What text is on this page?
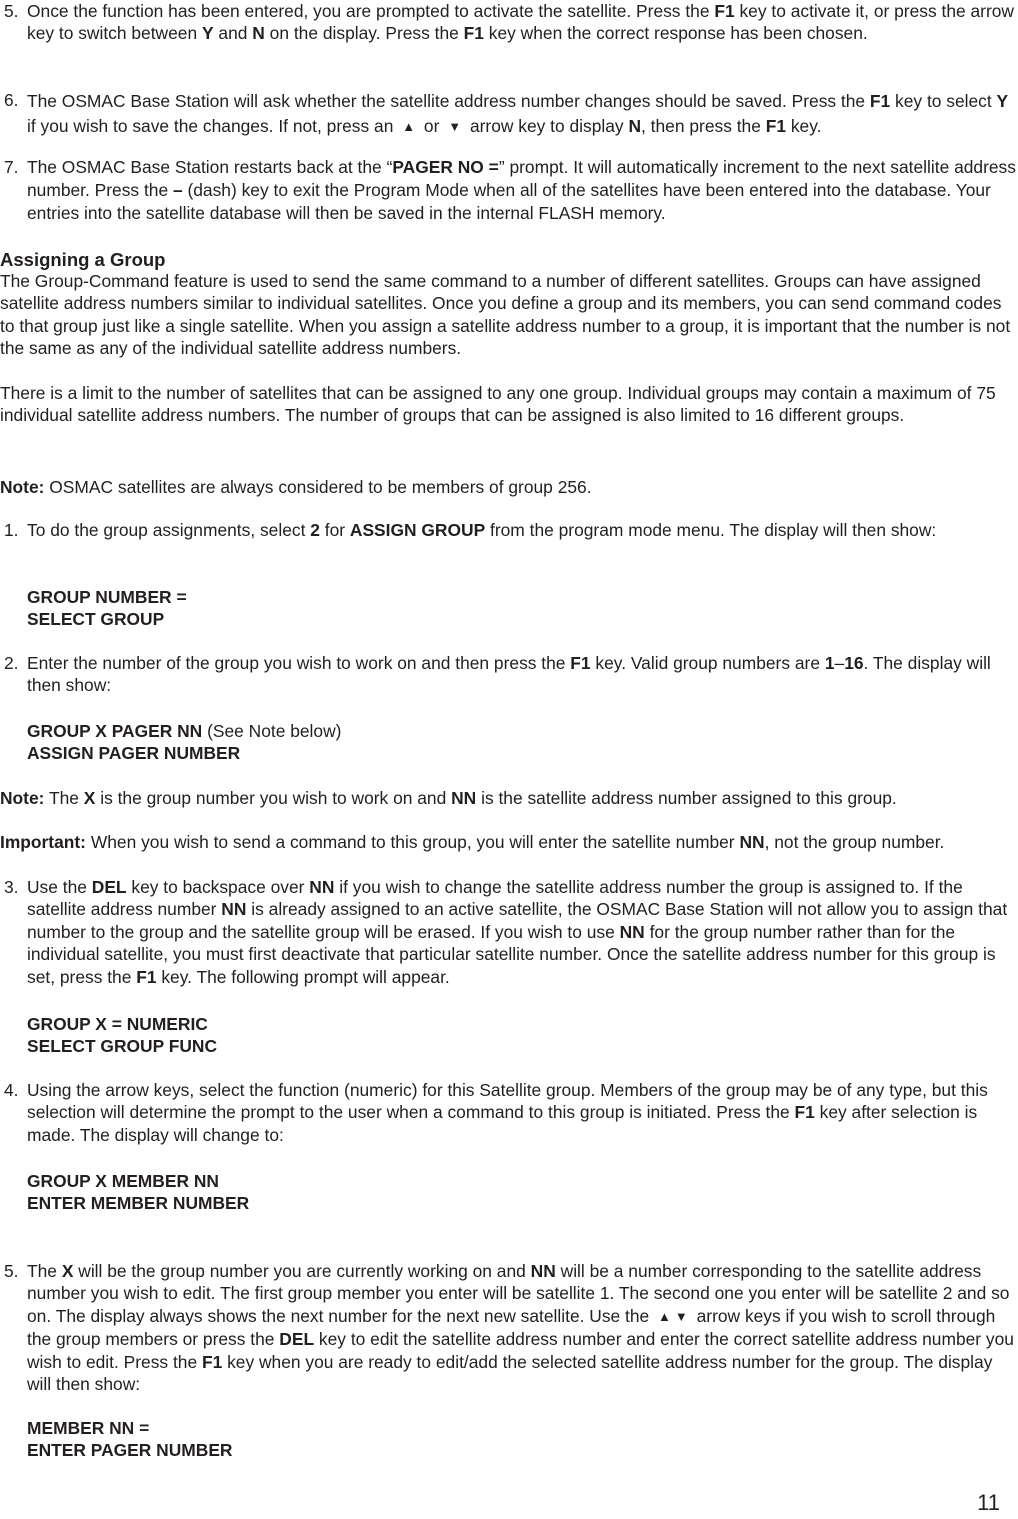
5. Once the function has been entered, you are prompted to activate the satellite. Press the F1 key to activate it, or press the arrow key to switch between Y and N on the display. Press the F1 key when the correct response has been chosen.
6. The OSMAC Base Station will ask whether the satellite address number changes should be saved. Press the F1 key to select Y if you wish to save the changes. If not, press an ▲ or ▼ arrow key to display N, then press the F1 key.
7. The OSMAC Base Station restarts back at the “PAGER NO =” prompt. It will automatically increment to the next satellite address number. Press the – (dash) key to exit the Program Mode when all of the satellites have been entered into the database. Your entries into the satellite database will then be saved in the internal FLASH memory.
Assigning a Group
The Group-Command feature is used to send the same command to a number of different satellites. Groups can have assigned satellite address numbers similar to individual satellites. Once you define a group and its members, you can send command codes to that group just like a single satellite. When you assign a satellite address number to a group, it is important that the number is not the same as any of the individual satellite address numbers.
There is a limit to the number of satellites that can be assigned to any one group. Individual groups may contain a maximum of 75 individual satellite address numbers. The number of groups that can be assigned is also limited to 16 different groups.
Note: OSMAC satellites are always considered to be members of group 256.
1. To do the group assignments, select 2 for ASSIGN GROUP from the program mode menu. The display will then show:
GROUP NUMBER =
SELECT GROUP
2. Enter the number of the group you wish to work on and then press the F1 key. Valid group numbers are 1–16. The display will then show:
GROUP X PAGER NN (See Note below)
ASSIGN PAGER NUMBER
Note: The X is the group number you wish to work on and NN is the satellite address number assigned to this group.
Important: When you wish to send a command to this group, you will enter the satellite number NN, not the group number.
3. Use the DEL key to backspace over NN if you wish to change the satellite address number the group is assigned to. If the satellite address number NN is already assigned to an active satellite, the OSMAC Base Station will not allow you to assign that number to the group and the satellite group will be erased. If you wish to use NN for the group number rather than for the individual satellite, you must first deactivate that particular satellite number. Once the satellite address number for this group is set, press the F1 key. The following prompt will appear.
GROUP X = NUMERIC
SELECT GROUP FUNC
4. Using the arrow keys, select the function (numeric) for this Satellite group. Members of the group may be of any type, but this selection will determine the prompt to the user when a command to this group is initiated. Press the F1 key after selection is made. The display will change to:
GROUP X MEMBER NN
ENTER MEMBER NUMBER
5. The X will be the group number you are currently working on and NN will be a number corresponding to the satellite address number you wish to edit. The first group member you enter will be satellite 1. The second one you enter will be satellite 2 and so on. The display always shows the next number for the next new satellite. Use the ▲ ▼ arrow keys if you wish to scroll through the group members or press the DEL key to edit the satellite address number and enter the correct satellite address number you wish to edit. Press the F1 key when you are ready to edit/add the selected satellite address number for the group. The display will then show:
MEMBER NN =
ENTER PAGER NUMBER
11
